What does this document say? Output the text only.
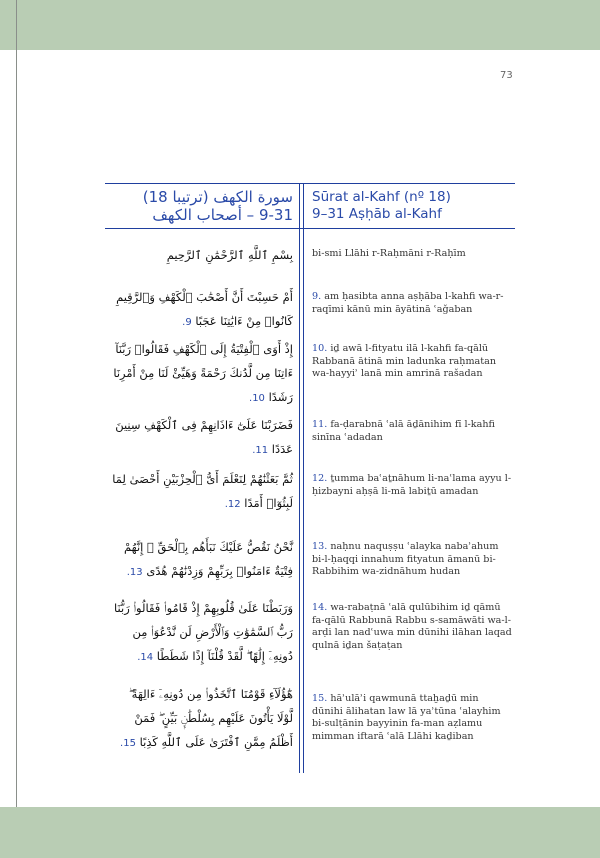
73
سورة الكهف (ترتيبا 18)
9-31 – أصحاب الكهف
Sūrat al-Kahf (nº 18)
9–31 Aṣḥāb al-Kahf
بِسْمِ ٱللَّهِ ٱلرَّحْمَٰنِ ٱلرَّحِيمِ
أَمْ حَسِبْتَ أَنَّ أَصْحَٰبَ ٱلْكَهْفِ وَٱلرَّقِيمِ كَانُوا۟ مِنْ ءَايَٰتِنَا عَجَبًا 9.
إِذْ أَوَى ٱلْفِتْيَةُ إِلَى ٱلْكَهْفِ فَقَالُوا۟ رَبَّنَآ ءَاتِنَا مِن لَّدُنكَ رَحْمَةً وَهَيِّئْ لَنَا مِنْ أَمْرِنَا رَشَدًا 10.
فَضَرَبْنَا عَلَىٰٓ ءَاذَانِهِمْ فِى ٱلْكَهْفِ سِنِينَ عَدَدًا 11.
ثُمَّ بَعَثْنَٰهُمْ لِنَعْلَمَ أَىُّ ٱلْحِزْبَيْنِ أَحْصَىٰ لِمَا لَبِثُوٓا۟ أَمَدًا 12.
نَّحْنُ نَقُصُّ عَلَيْكَ نَبَأَهُم بِٱلْحَقِّ ۚ إِنَّهُمْ فِتْيَةٌ ءَامَنُوا۟ بِرَبِّهِمْ وَزِدْنَٰهُمْ هُدًى 13.
وَرَبَطْنَا عَلَىٰ قُلُوبِهِمْ إِذْ قَامُوا۟ فَقَالُوا۟ رَبُّنَا رَبُّ ٱلسَّمَٰوَٰتِ وَٱلْأَرْضِ لَن نَّدْعُوَا۟ مِن دُونِهِۦٓ إِلَٰهًا ۖ لَّقَدْ قُلْنَآ إِذًا شَطَطًا 14.
هَٰٓؤُلَآءِ قَوْمُنَا ٱتَّخَذُوا۟ مِن دُونِهِۦٓ ءَالِهَةً ۖ لَّوْلَا يَأْتُونَ عَلَيْهِم بِسُلْطَٰنٍۭ بَيِّنٍ ۖ فَمَنْ أَظْلَمُ مِمَّنِ ٱفْتَرَىٰ عَلَى ٱللَّهِ كَذِبًا 15.
bi-smi Llāhi r-Raḥmāni r-Raḥīm
9. am ḥasibta anna aṣḥāba l-kahfi wa-r-raqīmi kānū min āyātinā ʿaǧaban
10. iḏ awā l-fityatu ilā l-kahfi fa-qālū Rabbanā ātinā min ladunka raḥmatan wa-hayyiʾ lanā min amrinā rašadan
11. fa-ḍarabnā ʿalā āḏānihim fī l-kahfi sinīna ʿadadan
12. ṯumma baʿaṯnāhum li-naʿlama ayyu l-ḥizbayni aḥṣā li-mā labiṯū amadan
13. naḥnu naquṣṣu ʿalayka nabaʾahum bi-l-ḥaqqi innahum fityatun āmanū bi-Rabbihim wa-zidnāhum hudan
14. wa-rabaṭnā ʿalā qulūbihim iḏ qāmū fa-qālū Rabbunā Rabbu s-samāwāti wa-l-arḍi lan nadʿuwa min dūnihi ilāhan laqad qulnā iḏan šaṭaṭan
15. hāʾulāʾi qawmunā ttaḫaḏū min dūnihi ālihatan law lā yaʾtūna ʿalayhim bi-sulṭānin bayyinin fa-man aẓlamu mimman iftarā ʿalā Llāhi kaḏiban
